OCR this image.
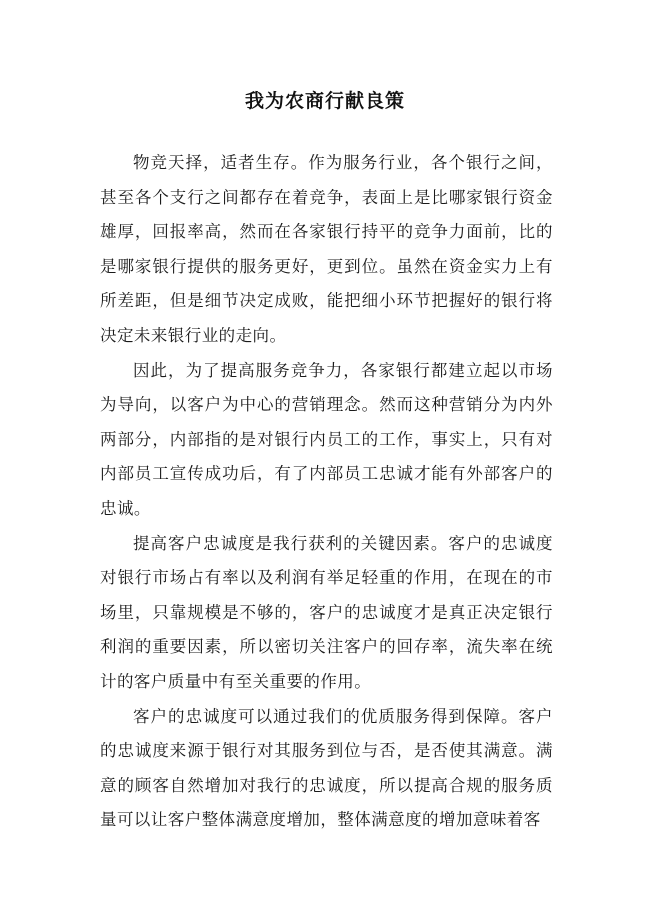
我为农商行献良策

物竞天择，适者生存。作为服务行业，各个银行之间，甚至各个支行之间都存在着竞争，表面上是比哪家银行资金雄厚，回报率高，然而在各家银行持平的竞争力面前，比的是哪家银行提供的服务更好，更到位。虽然在资金实力上有所差距，但是细节决定成败，能把细小环节把握好的银行将决定未来银行业的走向。

因此，为了提高服务竞争力，各家银行都建立起以市场为导向，以客户为中心的营销理念。然而这种营销分为内外两部分，内部指的是对银行内员工的工作，事实上，只有对内部员工宣传成功后，有了内部员工忠诚才能有外部客户的忠诚。

提高客户忠诚度是我行获利的关键因素。客户的忠诚度对银行市场占有率以及利润有举足轻重的作用，在现在的市场里，只靠规模是不够的，客户的忠诚度才是真正决定银行利润的重要因素，所以密切关注客户的回存率，流失率在统计的客户质量中有至关重要的作用。

客户的忠诚度可以通过我们的优质服务得到保障。客户的忠诚度来源于银行对其服务到位与否，是否使其满意。满意的顾客自然增加对我行的忠诚度，所以提高合规的服务质量可以让客户整体满意度增加，整体满意度的增加意味着客
